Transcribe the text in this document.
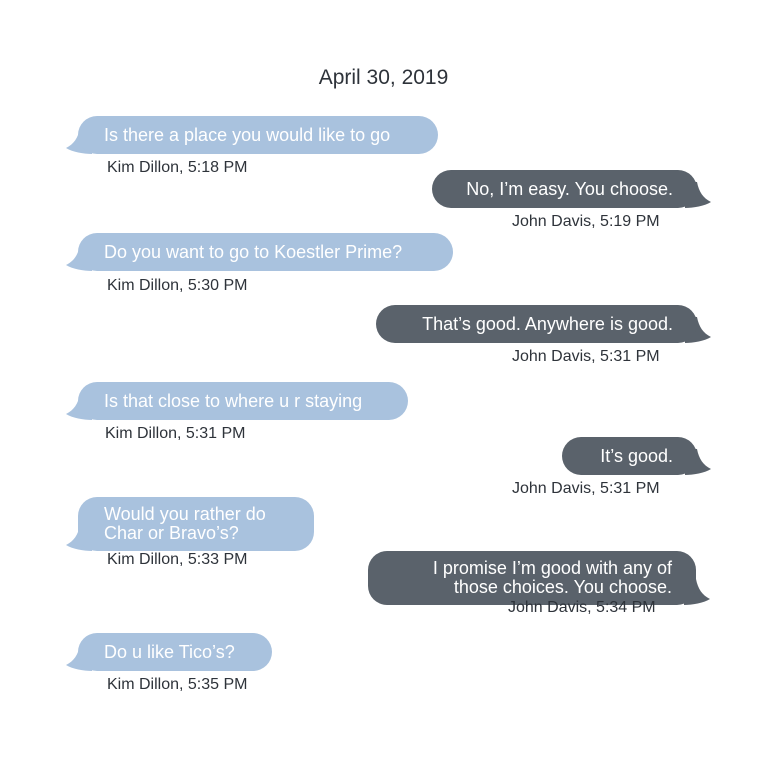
April 30, 2019
Is there a place you would like to go
Kim Dillon, 5:18 PM
No, I’m easy. You choose.
John Davis, 5:19 PM
Do you want to go to Koestler Prime?
Kim Dillon, 5:30 PM
That’s good. Anywhere is good.
John Davis, 5:31 PM
Is that close to where u r staying
Kim Dillon, 5:31 PM
It’s good.
John Davis, 5:31 PM
Would you rather do
Char or Bravo’s?
Kim Dillon, 5:33 PM	I promise I’m good with any of
those choices. You choose.
John Davis, 5:34 PM
Do u like Tico’s?
Kim Dillon, 5:35 PM
